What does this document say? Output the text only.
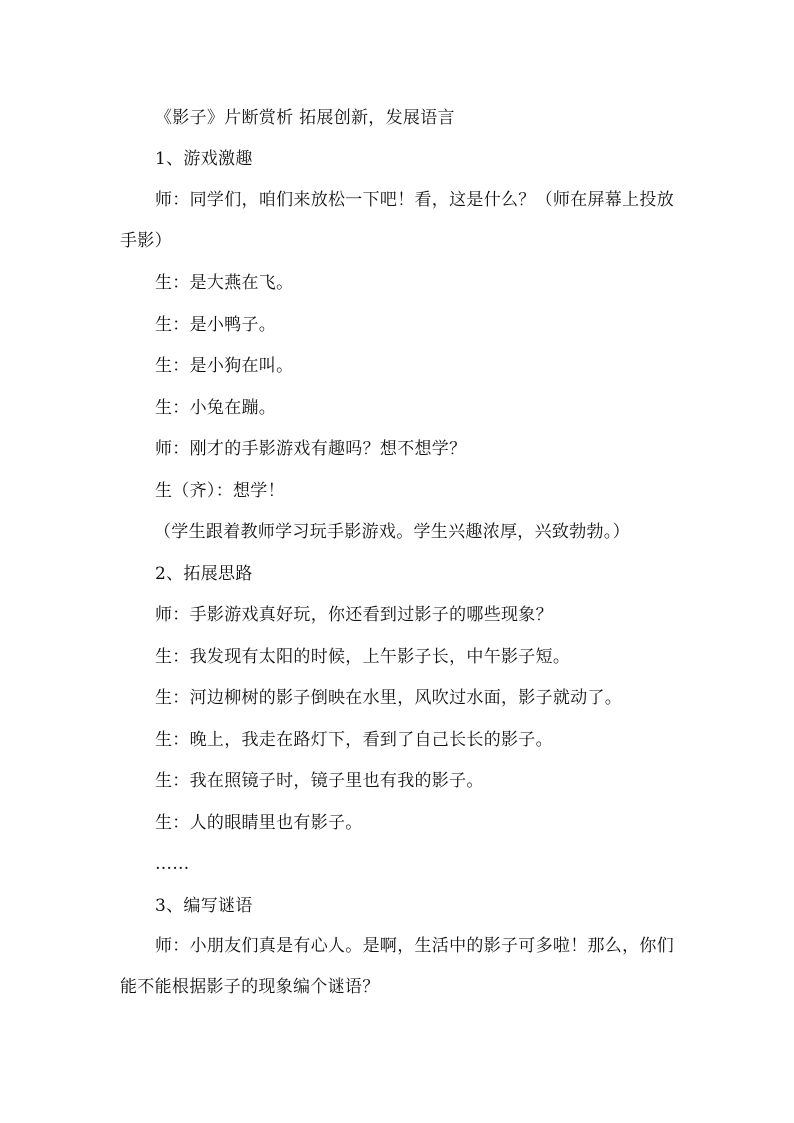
《影子》片断赏析 拓展创新，发展语言
1、游戏激趣
师：同学们，咱们来放松一下吧！看，这是什么？（师在屏幕上投放手影）
生：是大燕在飞。
生：是小鸭子。
生：是小狗在叫。
生：小兔在蹦。
师：刚才的手影游戏有趣吗？想不想学？
生（齐）：想学！
（学生跟着教师学习玩手影游戏。学生兴趣浓厚，兴致勃勃。）
2、拓展思路
师：手影游戏真好玩，你还看到过影子的哪些现象？
生：我发现有太阳的时候，上午影子长，中午影子短。
生：河边柳树的影子倒映在水里，风吹过水面，影子就动了。
生：晚上，我走在路灯下，看到了自己长长的影子。
生：我在照镜子时，镜子里也有我的影子。
生：人的眼睛里也有影子。
……
3、编写谜语
师：小朋友们真是有心人。是啊，生活中的影子可多啦！那么，你们能不能根据影子的现象编个谜语？
